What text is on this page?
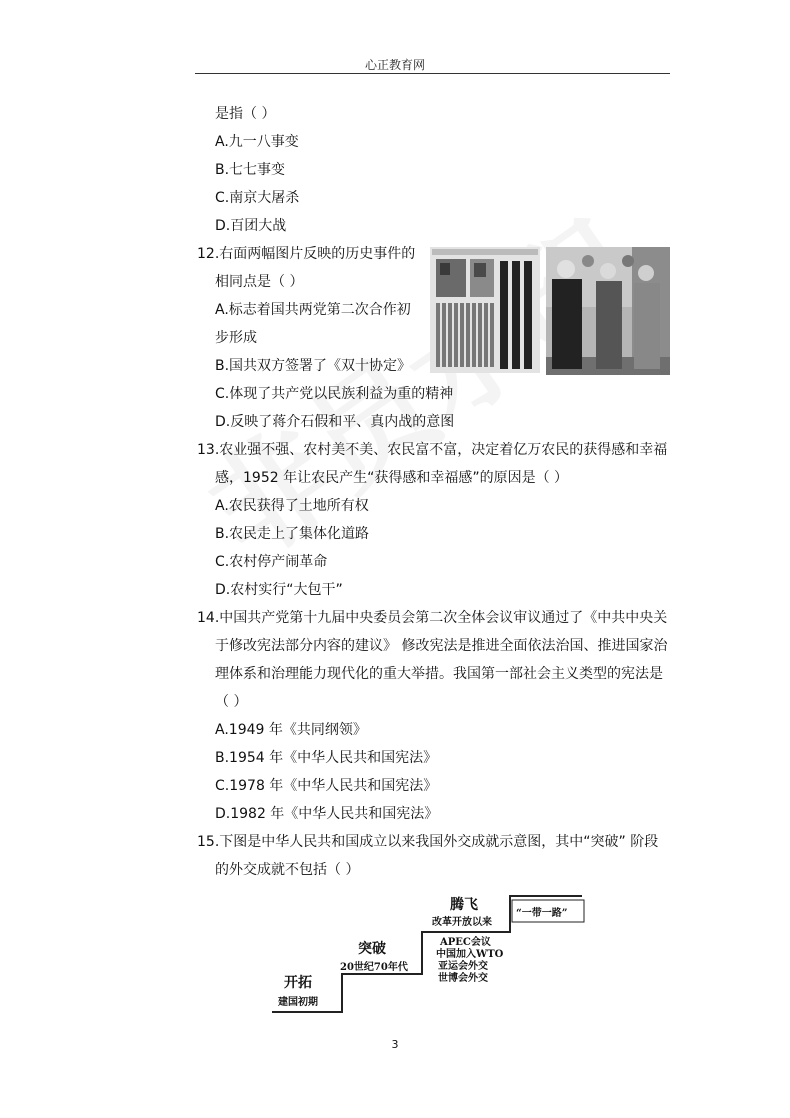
心正教育网
是指（ ）
A.九一八事变
B.七七事变
C.南京大屠杀
D.百团大战
12.右面两幅图片反映的历史事件的
相同点是（ ）
A.标志着国共两党第二次合作初
步形成
B.国共双方签署了《双十协定》
C.体现了共产党以民族利益为重的精神
D.反映了蒋介石假和平、真内战的意图
13.农业强不强、农村美不美、农民富不富，决定着亿万农民的获得感和幸福
感，1952 年让农民产生“获得感和幸福感”的原因是（ ）
A.农民获得了土地所有权
B.农民走上了集体化道路
C.农村停产闹革命
D.农村实行“大包干”
14.中国共产党第十九届中央委员会第二次全体会议审议通过了《中共中央关
于修改宪法部分内容的建议》 修改宪法是推进全面依法治国、推进国家治
理体系和治理能力现代化的重大举措。我国第一部社会主义类型的宪法是
（ ）
A.1949 年《共同纲领》
B.1954 年《中华人民共和国宪法》
C.1978 年《中华人民共和国宪法》
D.1982 年《中华人民共和国宪法》
15.下图是中华人民共和国成立以来我国外交成就示意图，其中“突破” 阶段
的外交成就不包括（ ）
开拓
建国初期
突破
20世纪70年代
腾飞
改革开放以来
“一带一路”
APEC会议
中国加入WTO
亚运会外交
世博会外交
3
